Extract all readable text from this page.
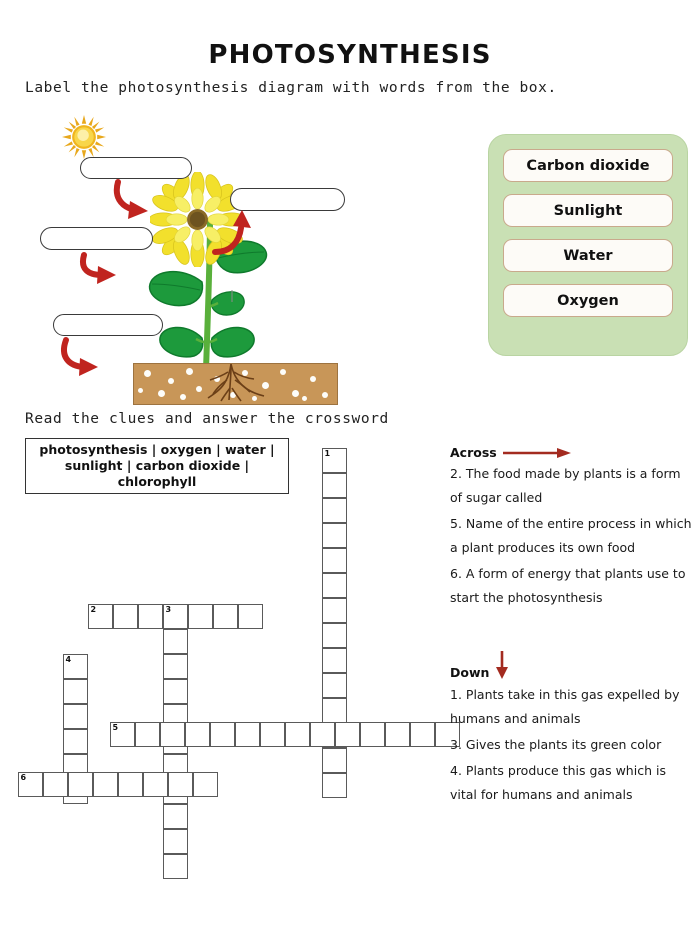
PHOTOSYNTHESIS
Label the photosynthesis diagram with words from the box.
Carbon dioxide
Sunlight
Water
Oxygen
Read the clues and answer the crossword
photosynthesis | oxygen | water |
sunlight | carbon dioxide |
chlorophyll
1
2	3
4
5
6
Across
2. The food made by plants is a form of sugar called
5. Name of the entire process in which a plant produces its own food
6. A form of energy that plants use to start the photosynthesis
Down
1. Plants take in this gas expelled by humans and animals
3. Gives the plants its green color
4. Plants produce this gas which is vital for humans and animals
